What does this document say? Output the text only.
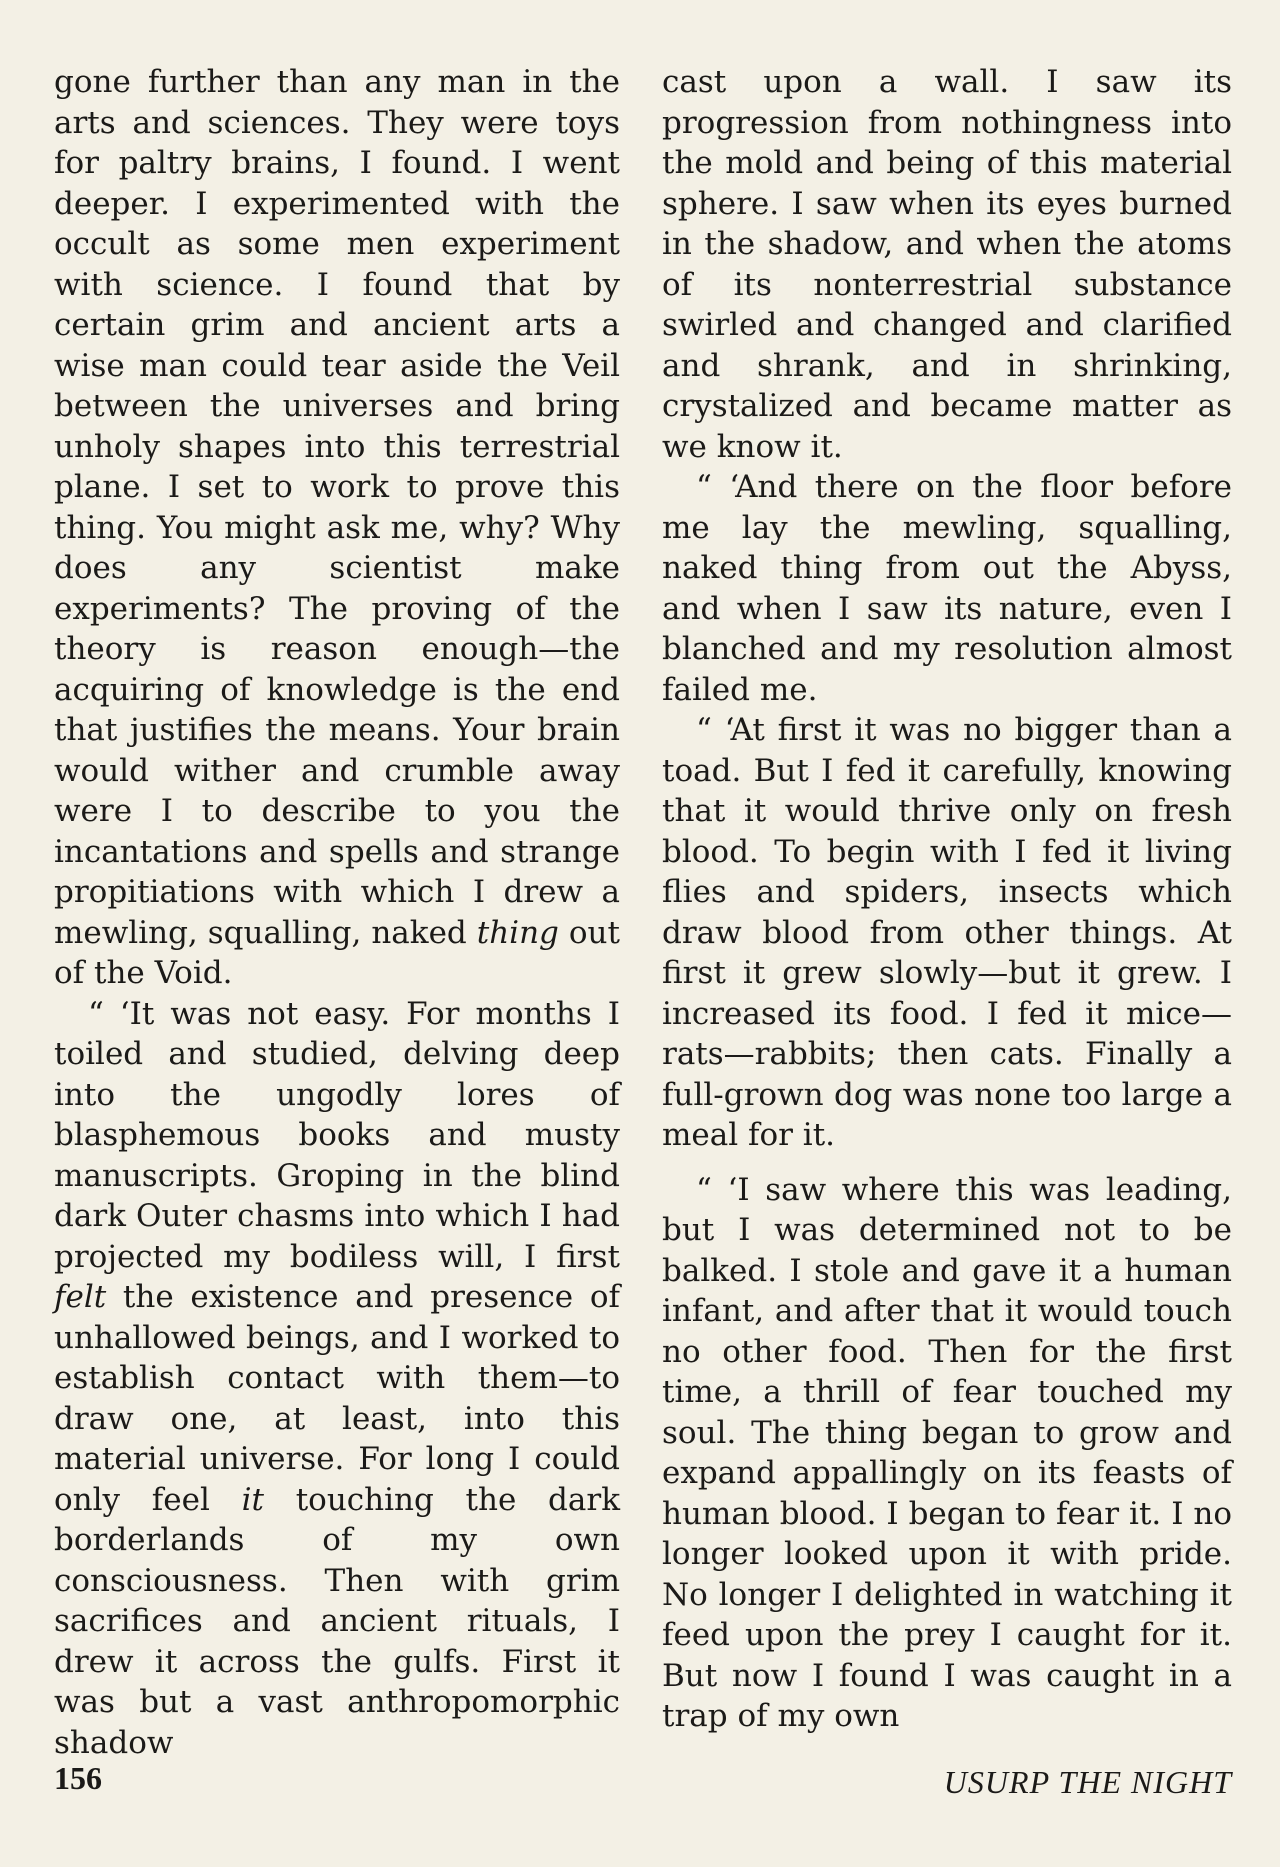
gone further than any man in the arts and sciences. They were toys for paltry brains, I found. I went deeper. I experimented with the occult as some men experiment with science. I found that by certain grim and ancient arts a wise man could tear aside the Veil between the universes and bring unholy shapes into this terrestrial plane. I set to work to prove this thing. You might ask me, why? Why does any scientist make experiments? The proving of the theory is reason enough—the acquiring of knowledge is the end that justifies the means. Your brain would wither and crumble away were I to describe to you the incantations and spells and strange propitiations with which I drew a mewling, squalling, naked thing out of the Void.

“ ‘It was not easy. For months I toiled and studied, delving deep into the ungodly lores of blasphemous books and musty manuscripts. Groping in the blind dark Outer chasms into which I had projected my bodiless will, I first felt the existence and presence of unhallowed beings, and I worked to establish contact with them—to draw one, at least, into this material universe. For long I could only feel it touching the dark borderlands of my own consciousness. Then with grim sacrifices and ancient rituals, I drew it across the gulfs. First it was but a vast anthropomorphic shadow

cast upon a wall. I saw its progression from nothingness into the mold and being of this material sphere. I saw when its eyes burned in the shadow, and when the atoms of its nonterrestrial substance swirled and changed and clarified and shrank, and in shrinking, crystalized and became matter as we know it.

“ ‘And there on the floor before me lay the mewling, squalling, naked thing from out the Abyss, and when I saw its nature, even I blanched and my resolution almost failed me.

“ ‘At first it was no bigger than a toad. But I fed it carefully, knowing that it would thrive only on fresh blood. To begin with I fed it living flies and spiders, insects which draw blood from other things. At first it grew slowly—but it grew. I increased its food. I fed it mice—rats—rabbits; then cats. Finally a full-grown dog was none too large a meal for it.

“ ‘I saw where this was leading, but I was determined not to be balked. I stole and gave it a human infant, and after that it would touch no other food. Then for the first time, a thrill of fear touched my soul. The thing began to grow and expand appallingly on its feasts of human blood. I began to fear it. I no longer looked upon it with pride. No longer I delighted in watching it feed upon the prey I caught for it. But now I found I was caught in a trap of my own

156	USURP THE NIGHT
